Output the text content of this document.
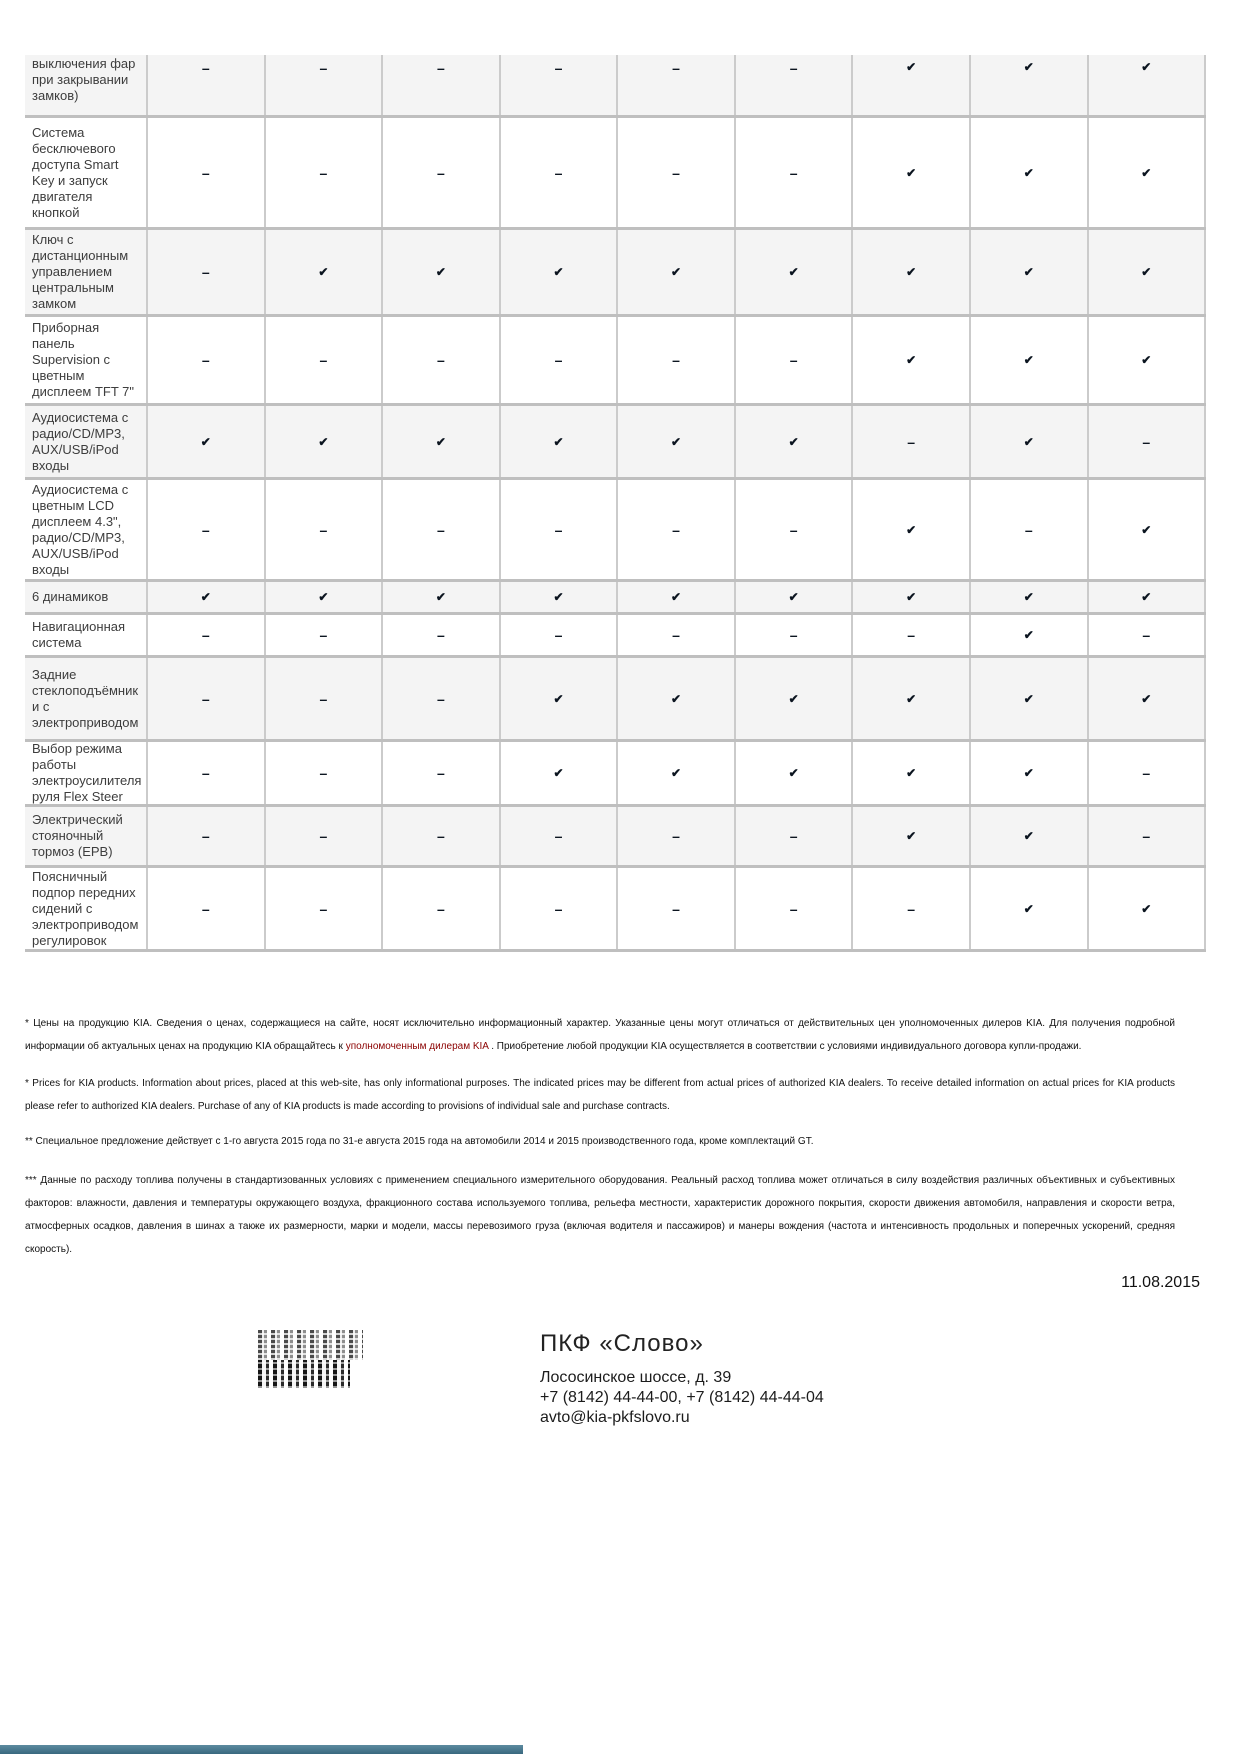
выключения фар при закрывании замков)
–	–	–	–	–	–	✔	✔	✔
Система бесключевого доступа Smart Key и запуск двигателя кнопкой
–	–	–	–	–	–	✔	✔	✔
Ключ с дистанционным управлением центральным замком
–	✔	✔	✔	✔	✔	✔	✔	✔
Приборная панель Supervision с цветным дисплеем TFT 7"
–	–	–	–	–	–	✔	✔	✔
Аудиосистема с радио/CD/MP3, AUX/USB/iPod входы
✔	✔	✔	✔	✔	✔	–	✔	–
Аудиосистема с цветным LCD дисплеем 4.3", радио/CD/MP3, AUX/USB/iPod входы
–	–	–	–	–	–	✔	–	✔
6 динамиков	✔	✔	✔	✔	✔	✔	✔	✔	✔
Навигационная система	–	–	–	–	–	–	–	✔	–
Задние стеклоподъёмники с электроприводом
–	–	–	✔	✔	✔	✔	✔	✔
Выбор режима работы электроусилителя руля Flex Steer
–	–	–	✔	✔	✔	✔	✔	–
Электрический стояночный тормоз (EPB)
–	–	–	–	–	–	✔	✔	–
Поясничный подпор передних сидений с электроприводом регулировок
–	–	–	–	–	–	–	✔	✔

* Цены на продукцию KIA. Сведения о ценах, содержащиеся на сайте, носят исключительно информационный характер. Указанные цены могут отличаться от действительных цен уполномоченных дилеров KIA. Для получения подробной информации об актуальных ценах на продукцию KIA обращайтесь к уполномоченным дилерам KIA . Приобретение любой продукции KIA осуществляется в соответствии с условиями индивидуального договора купли-продажи.

* Prices for KIA products. Information about prices, placed at this web-site, has only informational purposes. The indicated prices may be different from actual prices of authorized KIA dealers. To receive detailed information on actual prices for KIA products please refer to authorized KIA dealers. Purchase of any of KIA products is made according to provisions of individual sale and purchase contracts.

** Специальное предложение действует с 1-го августа 2015 года по 31-е августа 2015 года на автомобили 2014 и 2015 производственного года, кроме комплектаций GT.

*** Данные по расходу топлива получены в стандартизованных условиях с применением специального измерительного оборудования. Реальный расход топлива может отличаться в силу воздействия различных объективных и субъективных факторов: влажности, давления и температуры окружающего воздуха, фракционного состава используемого топлива, рельефа местности, характеристик дорожного покрытия, скорости движения автомобиля, направления и скорости ветра, атмосферных осадков, давления в шинах а также их размерности, марки и модели, массы перевозимого груза (включая водителя и пассажиров) и манеры вождения (частота и интенсивность продольных и поперечных ускорений, средняя скорость).

11.08.2015
ПКФ «Слово»
Лососинское шоссе, д. 39
+7 (8142) 44-44-00, +7 (8142) 44-44-04
avto@kia-pkfslovo.ru
